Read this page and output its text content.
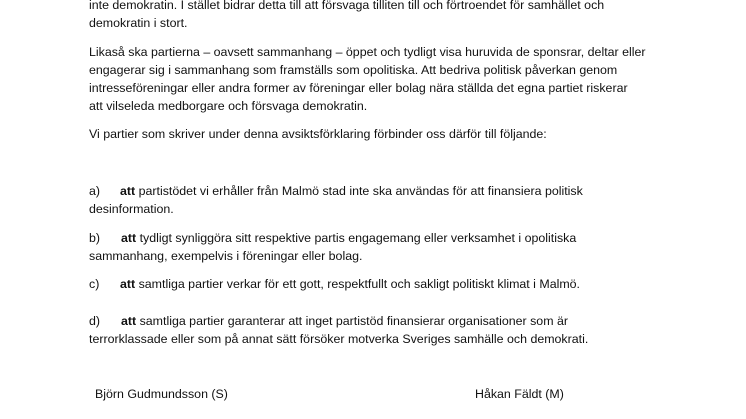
inte demokratin. I stället bidrar detta till att försvaga tilliten till och förtroendet för samhället och
demokratin i stort.
Likaså ska partierna – oavsett sammanhang – öppet och tydligt visa huruvida de sponsrar, deltar eller
engagerar sig i sammanhang som framställs som opolitiska. Att bedriva politisk påverkan genom
intresseföreningar eller andra former av föreningar eller bolag nära ställda det egna partiet riskerar
att vilseleda medborgare och försvaga demokratin.
Vi partier som skriver under denna avsiktsförklaring förbinder oss därför till följande:
a) att partistödet vi erhåller från Malmö stad inte ska användas för att finansiera politisk
desinformation.
b) att tydligt synliggöra sitt respektive partis engagemang eller verksamhet i opolitiska
sammanhang, exempelvis i föreningar eller bolag.
c) att samtliga partier verkar för ett gott, respektfullt och sakligt politiskt klimat i Malmö.
d) att samtliga partier garanterar att inget partistöd finansierar organisationer som är
terrorklassade eller som på annat sätt försöker motverka Sveriges samhälle och demokrati.
Björn Gudmundsson (S)	Håkan Fäldt (M)
